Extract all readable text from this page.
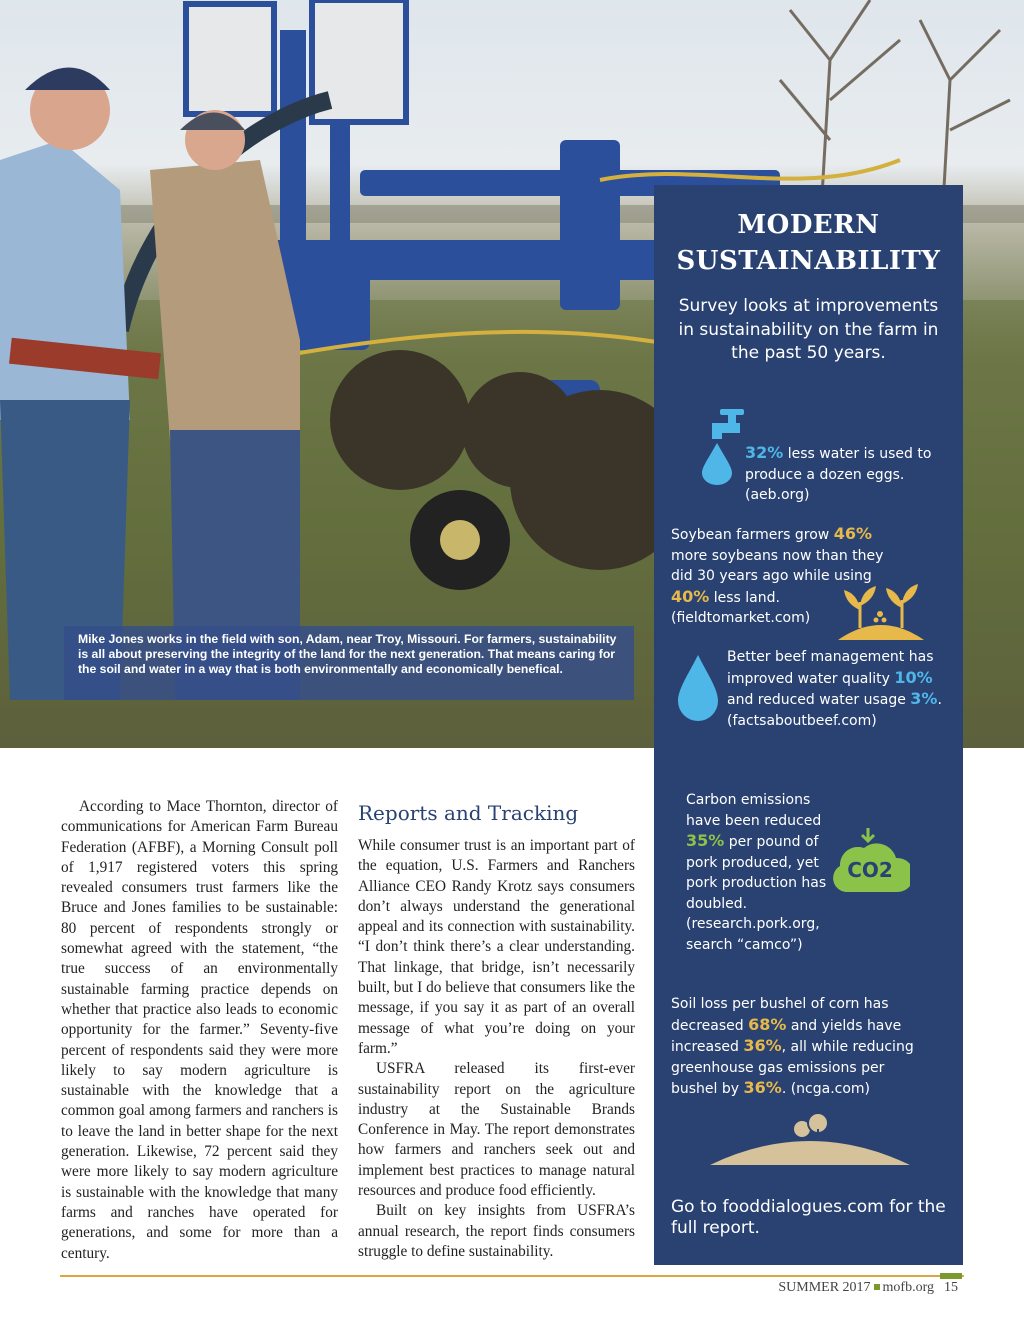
Mike Jones works in the field with son, Adam, near Troy, Missouri. For farmers, sustainability is all about preserving the integrity of the land for the next generation. That means caring for the soil and water in a way that is both environmentally and economically benefical.
MODERN
SUSTAINABILITY
Survey looks at improvements in sustainability on the farm in the past 50 years.
32% less water is used to produce a dozen eggs. (aeb.org)
Soybean farmers grow 46% more soybeans now than they did 30 years ago while using 40% less land. (fieldtomarket.com)
Better beef management has improved water quality 10% and reduced water usage 3%. (factsaboutbeef.com)
Carbon emissions have been reduced 35% per pound of pork produced, yet pork production has doubled. (research.pork.org, search “camco”)
CO2
Soil loss per bushel of corn has decreased 68% and yields have increased 36%, all while reducing greenhouse gas emissions per bushel by 36%. (ncga.com)
Go to fooddialogues.com for the full report.

According to Mace Thornton, director of communications for American Farm Bureau Federation (AFBF), a Morning Consult poll of 1,917 registered voters this spring revealed consumers trust farmers like the Bruce and Jones families to be sustainable: 80 percent of respondents strongly or somewhat agreed with the statement, “the true success of an environmentally sustainable farming practice depends on whether that practice also leads to economic opportunity for the farmer.” Seventy-five percent of respondents said they were more likely to say modern agriculture is sustainable with the knowledge that a common goal among farmers and ranchers is to leave the land in better shape for the next generation. Likewise, 72 percent said they were more likely to say modern agriculture is sustainable with the knowledge that many farms and ranches have operated for generations, and some for more than a century.

Reports and Tracking

While consumer trust is an important part of the equation, U.S. Farmers and Ranchers Alliance CEO Randy Krotz says consumers don’t always understand the generational appeal and its connection with sustainability. “I don’t think there’s a clear understanding. That linkage, that bridge, isn’t necessarily built, but I do believe that consumers like the message, if you say it as part of an overall message of what you’re doing on your farm.”

USFRA released its first-ever sustainability report on the agriculture industry at the Sustainable Brands Conference in May. The report demonstrates how farmers and ranchers seek out and implement best practices to manage natural resources and produce food efficiently.

Built on key insights from USFRA’s annual research, the report finds consumers struggle to define sustainability.

SUMMER 2017 mofb.org 15
